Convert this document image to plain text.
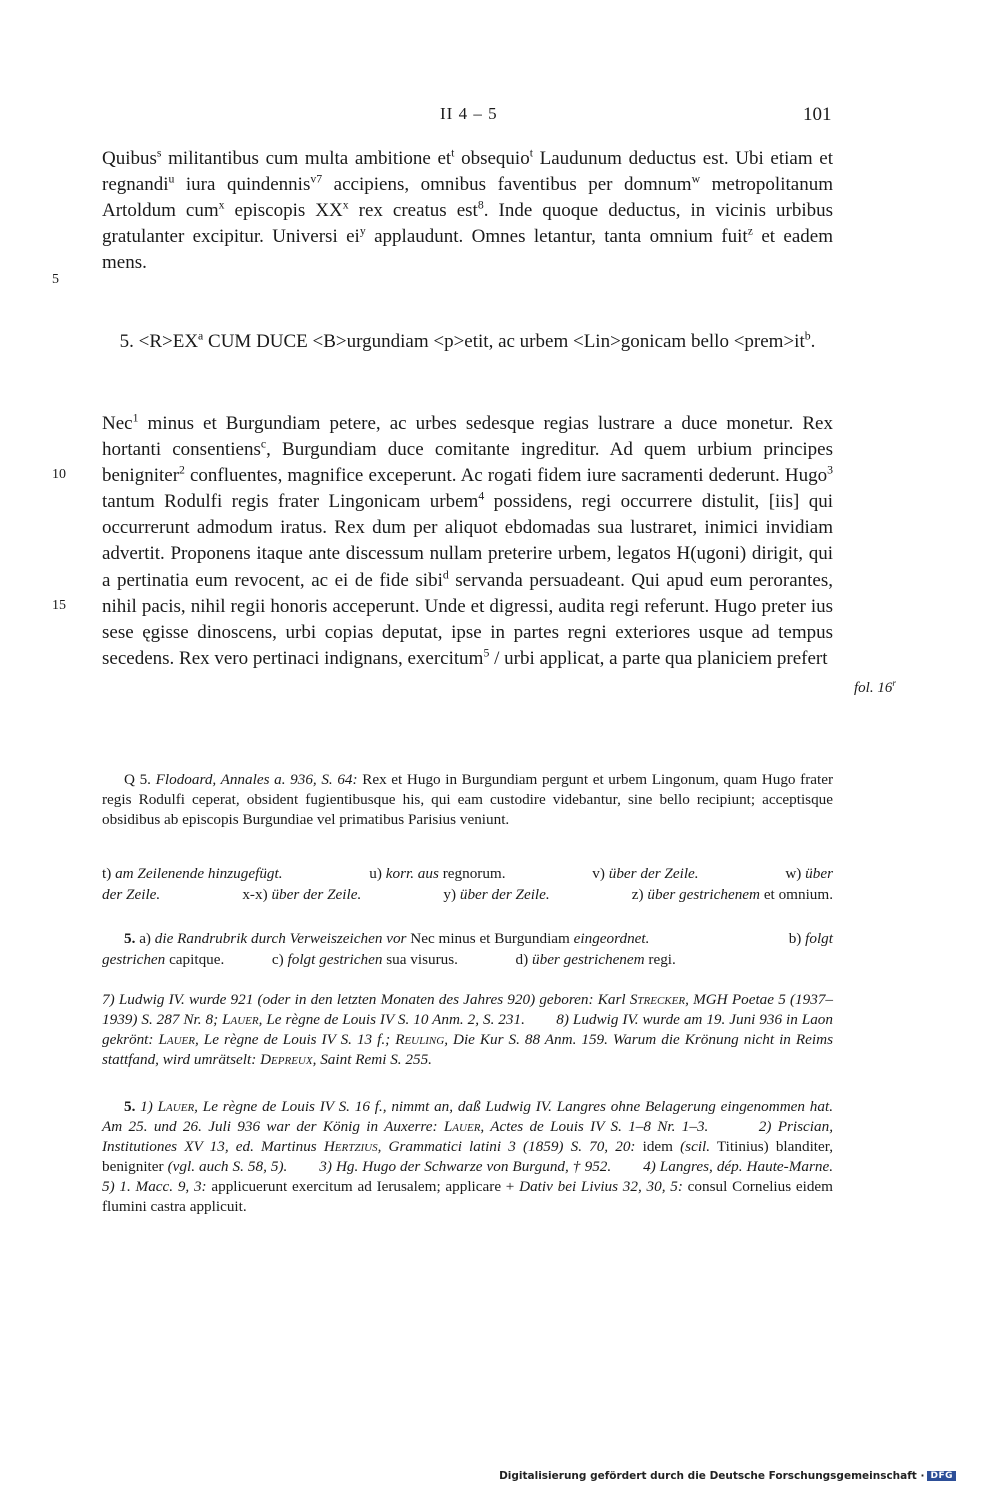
II 4 – 5	101

Quibus$^s$ militantibus cum multa ambitione $et^t$ obsequio$^t$ Laudunum deductus est. Ubi etiam et regnandi$^u$ iura quindennis$^{v7}$ accipiens, omnibus faventibus per domnum$^w$ metropolitanum Artoldum cum$^x$ episcopis $XX^x$ rex creatus est$^8$. Inde quoque deductus, in vicinis urbibus gratulanter excipitur. Universi $ei^y$ applaudunt. Omnes letantur, tanta omnium fuit$^z$ et eadem mens.

5
5. $<R>EX^a$ CUM DUCE <B>urgundiam <p>etit, ac urbem <Lin>gonicam bello $<prem>it^b$.

Nec$^1$ minus et Burgundiam petere, ac urbes sedesque regias lustrare a duce monetur. Rex hortanti consentiens$^c$, Burgundiam duce comitante ingreditur. Ad quem urbium principes benigniter$^2$ confluentes, magnifice exceperunt. Ac rogati fidem iure sacramenti dederunt. Hugo$^3$ tantum Rodulfi regis frater Lingonicam urbem$^4$ possidens, regi occurrere distulit, [iis] qui occurrerunt admodum iratus. Rex dum per aliquot ebdomadas sua lustraret, inimici invidiam advertit. Proponens itaque ante discessum nullam preterire urbem, legatos H(ugoni) dirigit, qui a pertinatia eum revocent, ac ei de fide sibi$^d$ servanda persuadeant. Qui apud eum perorantes, nihil pacis, nihil regii honoris acceperunt. Unde et digressi, audita regi referunt. Hugo preter ius sese ęgisse dinoscens, urbi copias deputat, ipse in partes regni exteriores usque ad tempus secedens. Rex vero pertinaci indignans, exercitum$^5$ / urbi applicat, a parte qua planiciem prefert

10
15
fol. 16$^r$

Q 5. Flodoard, Annales a. 936, S. 64: Rex et Hugo in Burgundiam pergunt et urbem Lingonum, quam Hugo frater regis Rodulfi ceperat, obsident fugientibusque his, qui eam custodire videbantur, sine bello recipiunt; acceptisque obsidibus ab episcopis Burgundiae vel primatibus Parisius veniunt.

t) am Zeilenende hinzugefügt.	u) korr. aus regnorum.	v) über der Zeile.	w) über
der Zeile.	x-x) über der Zeile.	y) über der Zeile.	z) über gestrichenem et omnium.
5. a) die Randrubrik durch Verweiszeichen vor Nec minus et Burgundiam eingeordnet.	b) folgt
gestrichen capitque.	c) folgt gestrichen sua visurus.	d) über gestrichenem regi.

7) Ludwig IV. wurde 921 (oder in den letzten Monaten des Jahres 920) geboren: Karl Strecker, MGH Poetae 5 (1937–1939) S. 287 Nr. 8; Lauer, Le règne de Louis IV S. 10 Anm. 2, S. 231.        8) Ludwig IV. wurde am 19. Juni 936 in Laon gekrönt: Lauer, Le règne de Louis IV S. 13 f.; Reuling, Die Kur S. 88 Anm. 159. Warum die Krönung nicht in Reims stattfand, wird umrätselt: Depreux, Saint Remi S. 255.

5. 1) Lauer, Le règne de Louis IV S. 16 f., nimmt an, daß Ludwig IV. Langres ohne Belagerung eingenommen hat. Am 25. und 26. Juli 936 war der König in Auxerre: Lauer, Actes de Louis IV S. 1–8 Nr. 1–3.        2) Priscian, Institutiones XV 13, ed. Martinus Hertzius, Grammatici latini 3 (1859) S. 70, 20: idem (scil. Titinius) blanditer, benigniter (vgl. auch S. 58, 5).        3) Hg. Hugo der Schwarze von Burgund, † 952.        4) Langres, dép. Haute-Marne.        5) 1. Macc. 9, 3: applicuerunt exercitum ad Ierusalem; applicare + Dativ bei Livius 32, 30, 5: consul Cornelius eidem flumini castra applicuit.

Digitalisierung gefördert durch die Deutsche Forschungsgemeinschaft · DFG
